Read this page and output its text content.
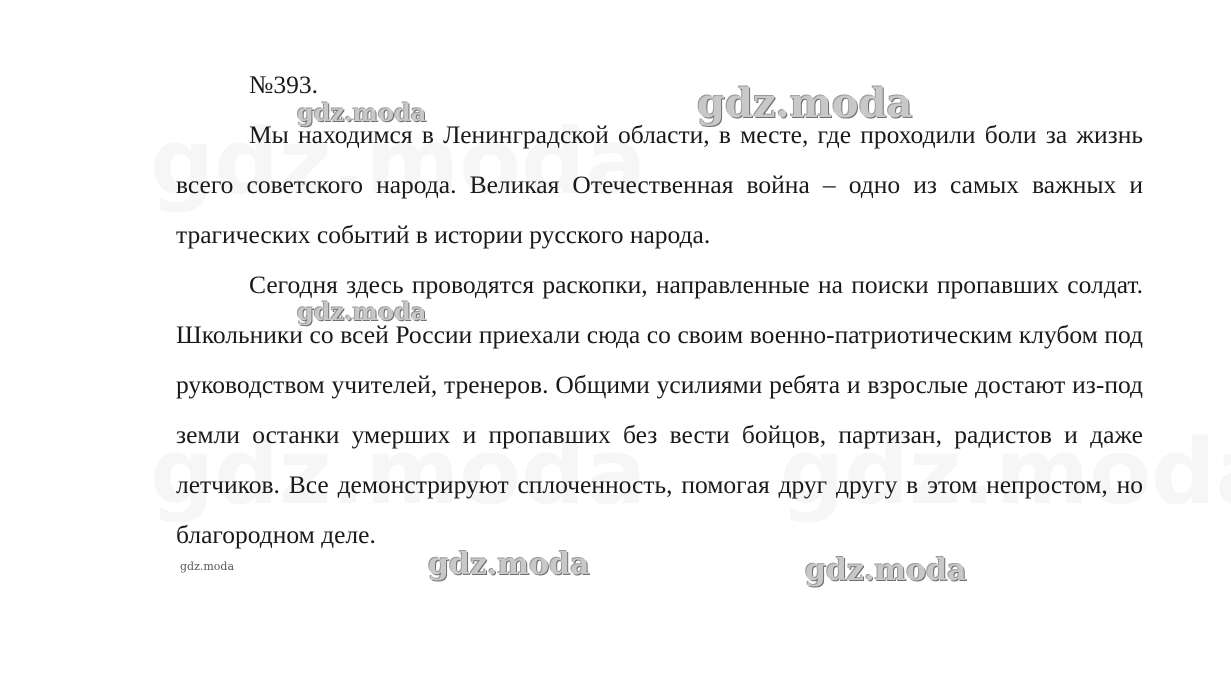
№393.

Мы находимся в Ленинградской области, в месте, где проходили боли за жизнь всего советского народа. Великая Отечественная война – одно из самых важных и трагических событий в истории русского народа.

Сегодня здесь проводятся раскопки, направленные на поиски пропавших солдат. Школьники со всей России приехали сюда со своим военно-патриотическим клубом под руководством учителей, тренеров. Общими усилиями ребята и взрослые достают из-под земли останки умерших и пропавших без вести бойцов, партизан, радистов и даже летчиков. Все демонстрируют сплоченность, помогая друг другу в этом непростом, но благородном деле.

gdz.moda
gdz.moda
gdz.moda
gdz.moda	gdz.moda
gdz.moda
